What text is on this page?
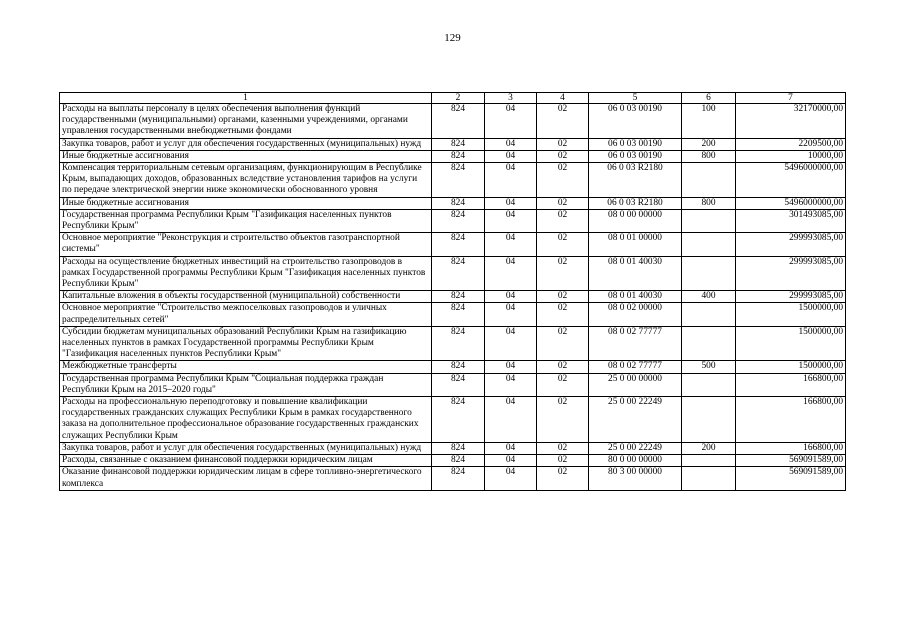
129
1	2	3	4	5	6	7
Расходы на выплаты персоналу в целях обеспечения выполнения функций государственными (муниципальными) органами, казенными учреждениями, органами управления государственными внебюджетными фондами	824	04	02	06 0 03 00190	100	32170000,00
Закупка товаров, работ и услуг для обеспечения государственных (муниципальных) нужд	824	04	02	06 0 03 00190	200	2209500,00
Иные бюджетные ассигнования	824	04	02	06 0 03 00190	800	10000,00
Компенсация территориальным сетевым организациям, функционирующим в Республике Крым, выпадающих доходов, образованных вследствие установления тарифов на услуги по передаче электрической энергии ниже экономически обоснованного уровня	824	04	02	06 0 03 R2180		5496000000,00
Иные бюджетные ассигнования	824	04	02	06 0 03 R2180	800	5496000000,00
Государственная программа Республики Крым "Газификация населенных пунктов Республики Крым"	824	04	02	08 0 00 00000		301493085,00
Основное мероприятие "Реконструкция и строительство объектов газотранспортной системы"	824	04	02	08 0 01 00000		299993085,00
Расходы на осуществление бюджетных инвестиций на строительство газопроводов в рамках Государственной программы Республики Крым "Газификация населенных пунктов Республики Крым"	824	04	02	08 0 01 40030		299993085,00
Капитальные вложения в объекты государственной (муниципальной) собственности	824	04	02	08 0 01 40030	400	299993085,00
Основное мероприятие "Строительство межпоселковых газопроводов и уличных распределительных сетей"	824	04	02	08 0 02 00000		1500000,00
Субсидии бюджетам муниципальных образований Республики Крым на газификацию населенных пунктов в рамках Государственной программы Республики Крым "Газификация населенных пунктов Республики Крым"	824	04	02	08 0 02 77777		1500000,00
Межбюджетные трансферты	824	04	02	08 0 02 77777	500	1500000,00
Государственная программа Республики Крым "Социальная поддержка граждан Республики Крым на 2015–2020 годы"	824	04	02	25 0 00 00000		166800,00
Расходы на профессиональную переподготовку и повышение квалификации государственных гражданских служащих Республики Крым в рамках государственного заказа на дополнительное профессиональное образование государственных гражданских служащих Республики Крым	824	04	02	25 0 00 22249		166800,00
Закупка товаров, работ и услуг для обеспечения государственных (муниципальных) нужд	824	04	02	25 0 00 22249	200	166800,00
Расходы, связанные с оказанием финансовой поддержки юридическим лицам	824	04	02	80 0 00 00000		569091589,00
Оказание финансовой поддержки юридическим лицам в сфере топливно-энергетического комплекса	824	04	02	80 3 00 00000		569091589,00
